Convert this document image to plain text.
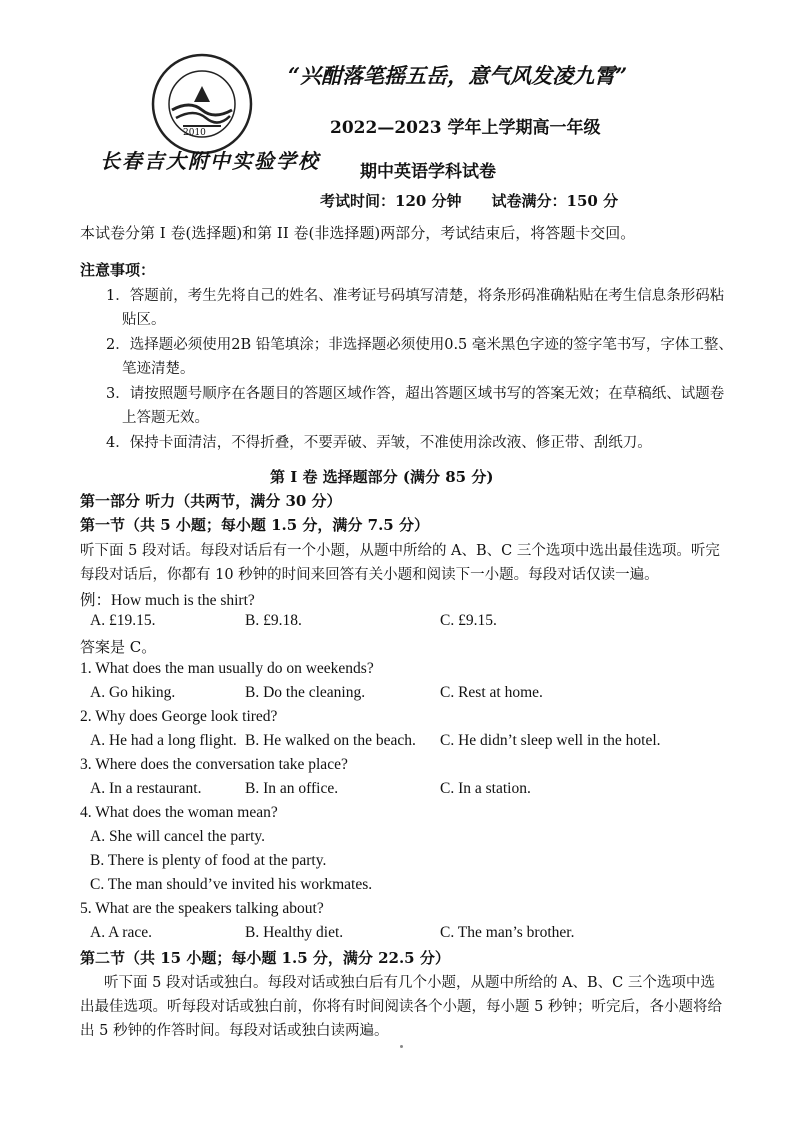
2010
长春吉大附中实验学校
“兴酣落笔摇五岳，意气风发凌九霄”
2022—2023 学年上学期高一年级
期中英语学科试卷
考试时间：120 分钟　　试卷满分：150 分
本试卷分第 I 卷(选择题)和第 II 卷(非选择题)两部分，考试结束后，将答题卡交回。
注意事项：
1．答题前，考生先将自己的姓名、准考证号码填写清楚，将条形码准确粘贴在考生信息条形码粘
贴区。
2．选择题必须使用2B 铅笔填涂；非选择题必须使用0.5 毫米黑色字迹的签字笔书写，字体工整、
笔迹清楚。
3．请按照题号顺序在各题目的答题区域作答，超出答题区域书写的答案无效；在草稿纸、试题卷
上答题无效。
4．保持卡面清洁，不得折叠，不要弄破、弄皱，不准使用涂改液、修正带、刮纸刀。
第 I 卷 选择题部分 (满分 85 分)
第一部分 听力（共两节，满分 30 分）
第一节（共 5 小题；每小题 1.5 分，满分 7.5 分）
听下面 5 段对话。每段对话后有一个小题，从题中所给的 A、B、C 三个选项中选出最佳选项。听完
每段对话后，你都有 10 秒钟的时间来回答有关小题和阅读下一小题。每段对话仅读一遍。
例：How much is the shirt?
A. £19.15.	B. £9.18.	C. £9.15.
答案是 C。
1. What does the man usually do on weekends?
A. Go hiking.	B. Do the cleaning.	C. Rest at home.
2. Why does George look tired?
A. He had a long flight. B. He walked on the beach. C. He didn’t sleep well in the hotel.
3. Where does the conversation take place?
A. In a restaurant.	B. In an office.	C. In a station.
4. What does the woman mean?
A. She will cancel the party.
B. There is plenty of food at the party.
C. The man should’ve invited his workmates.
5. What are the speakers talking about?
A. A race.	B. Healthy diet.	C. The man’s brother.
第二节（共 15 小题；每小题 1.5 分，满分 22.5 分）
听下面 5 段对话或独白。每段对话或独白后有几个小题，从题中所给的 A、B、C 三个选项中选
出最佳选项。听每段对话或独白前，你将有时间阅读各个小题，每小题 5 秒钟；听完后，各小题将给
出 5 秒钟的作答时间。每段对话或独白读两遍。
